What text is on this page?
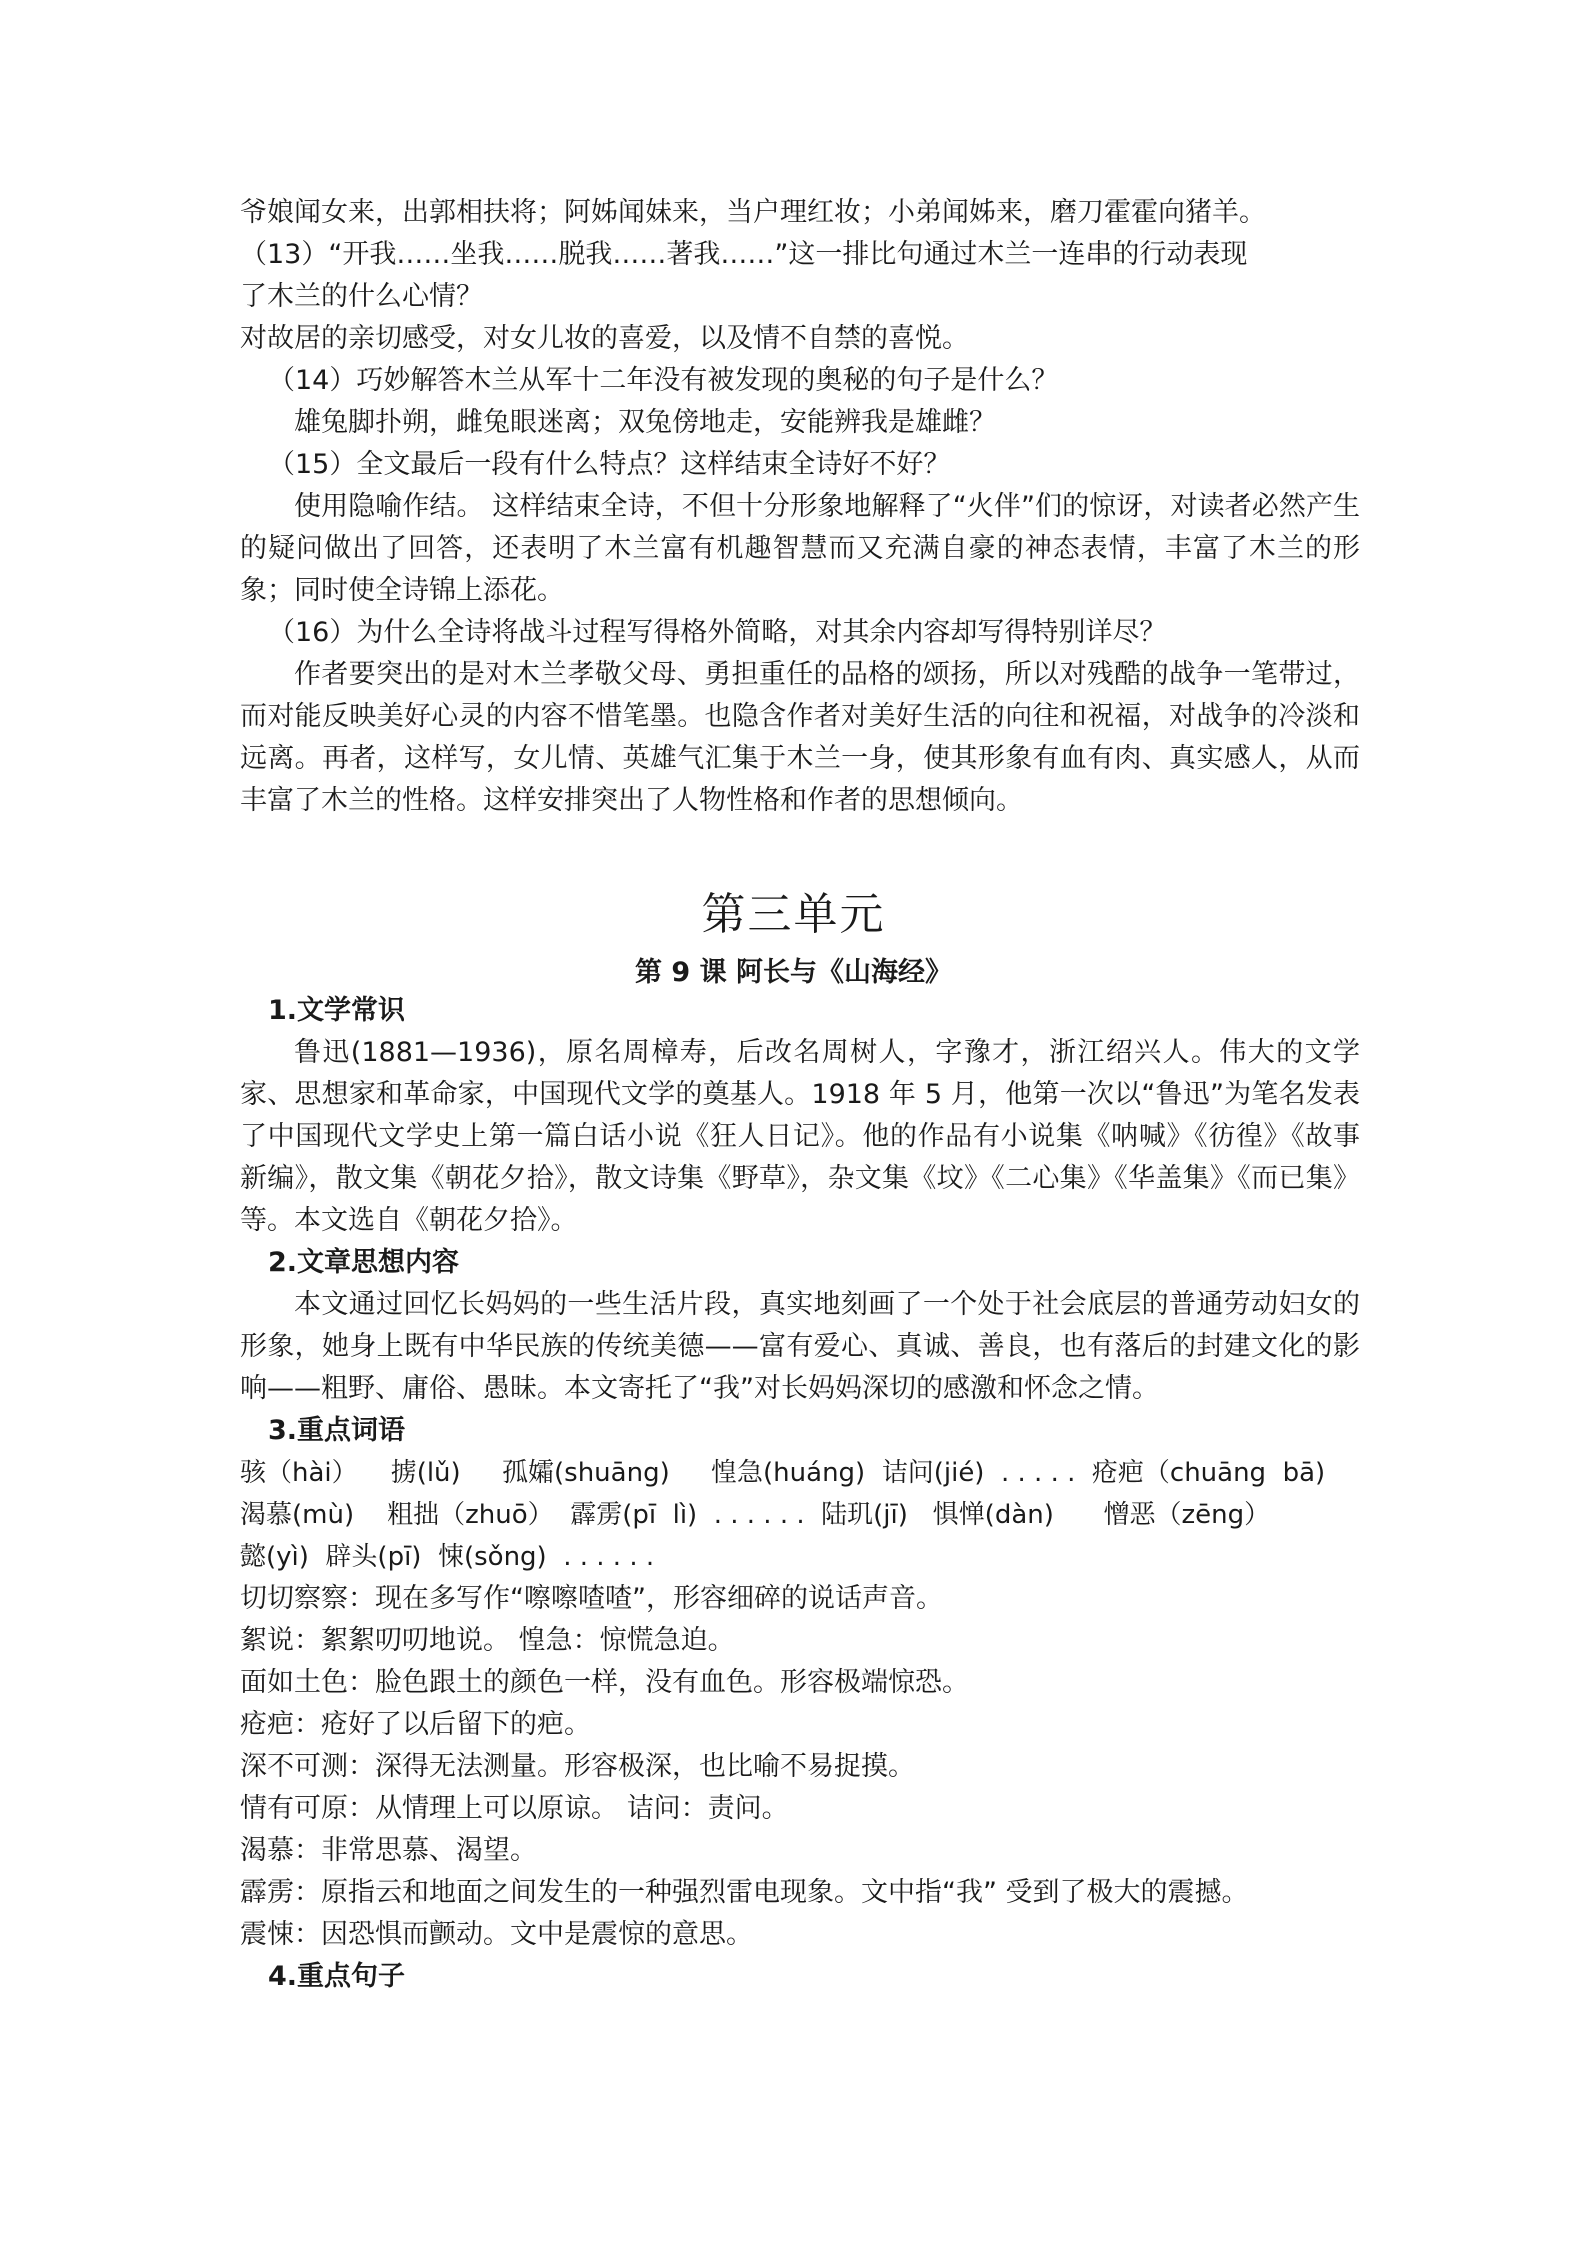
爷娘闻女来，出郭相扶将；阿姊闻妹来，当户理红妆；小弟闻姊来，磨刀霍霍向猪羊。

（13）“开我……坐我……脱我……著我……”这一排比句通过木兰一连串的行动表现

了木兰的什么心情？

对故居的亲切感受，对女儿妆的喜爱，以及情不自禁的喜悦。

（14）巧妙解答木兰从军十二年没有被发现的奥秘的句子是什么？

雄兔脚扑朔，雌兔眼迷离；双兔傍地走，安能辨我是雄雌？

（15）全文最后一段有什么特点？这样结束全诗好不好？

使用隐喻作结。 这样结束全诗，不但十分形象地解释了“火伴”们的惊讶，对读者必然产生的疑问做出了回答，还表明了木兰富有机趣智慧而又充满自豪的神态表情，丰富了木兰的形象；同时使全诗锦上添花。

（16）为什么全诗将战斗过程写得格外简略，对其余内容却写得特别详尽？

作者要突出的是对木兰孝敬父母、勇担重任的品格的颂扬，所以对残酷的战争一笔带过，而对能反映美好心灵的内容不惜笔墨。也隐含作者对美好生活的向往和祝福，对战争的冷淡和远离。再者，这样写，女儿情、英雄气汇集于木兰一身，使其形象有血有肉、真实感人，从而丰富了木兰的性格。这样安排突出了人物性格和作者的思想倾向。

第三单元
第 9 课 阿长与《山海经》

1.文学常识

鲁迅(1881—1936)，原名周樟寿，后改名周树人，字豫才，浙江绍兴人。伟大的文学家、思想家和革命家，中国现代文学的奠基人。1918 年 5 月，他第一次以“鲁迅”为笔名发表了中国现代文学史上第一篇白话小说《狂人日记》。他的作品有小说集《呐喊》《彷徨》《故事新编》，散文集《朝花夕拾》，散文诗集《野草》，杂文集《坟》《二心集》《华盖集》《而已集》等。本文选自《朝花夕拾》。

2.文章思想内容

本文通过回忆长妈妈的一些生活片段，真实地刻画了一个处于社会底层的普通劳动妇女的形象，她身上既有中华民族的传统美德——富有爱心、真诚、善良，也有落后的封建文化的影响——粗野、庸俗、愚昧。本文寄托了“我”对长妈妈深切的感激和怀念之情。

3.重点词语

骇（hài）    掳(lǔ)     孤孀(shuāng)     惶急(huáng)  诘问(jié)  . . . . .  疮疤（chuāng  bā)

渴慕(mù)    粗拙（zhuō）  霹雳(pī  lì)  . . . . . .  陆玑(jī)   惧惮(dàn)      憎恶（zēng）

懿(yì)  辟头(pī)  悚(sǒng)  . . . . . .

切切察察：现在多写作“嚓嚓喳喳”，形容细碎的说话声音。

絮说：絮絮叨叨地说。 惶急：惊慌急迫。

面如土色：脸色跟土的颜色一样，没有血色。形容极端惊恐。

疮疤：疮好了以后留下的疤。

深不可测：深得无法测量。形容极深，也比喻不易捉摸。

情有可原：从情理上可以原谅。 诘问：责问。

渴慕：非常思慕、渴望。

霹雳：原指云和地面之间发生的一种强烈雷电现象。文中指“我” 受到了极大的震撼。

震悚：因恐惧而颤动。文中是震惊的意思。

4.重点句子
